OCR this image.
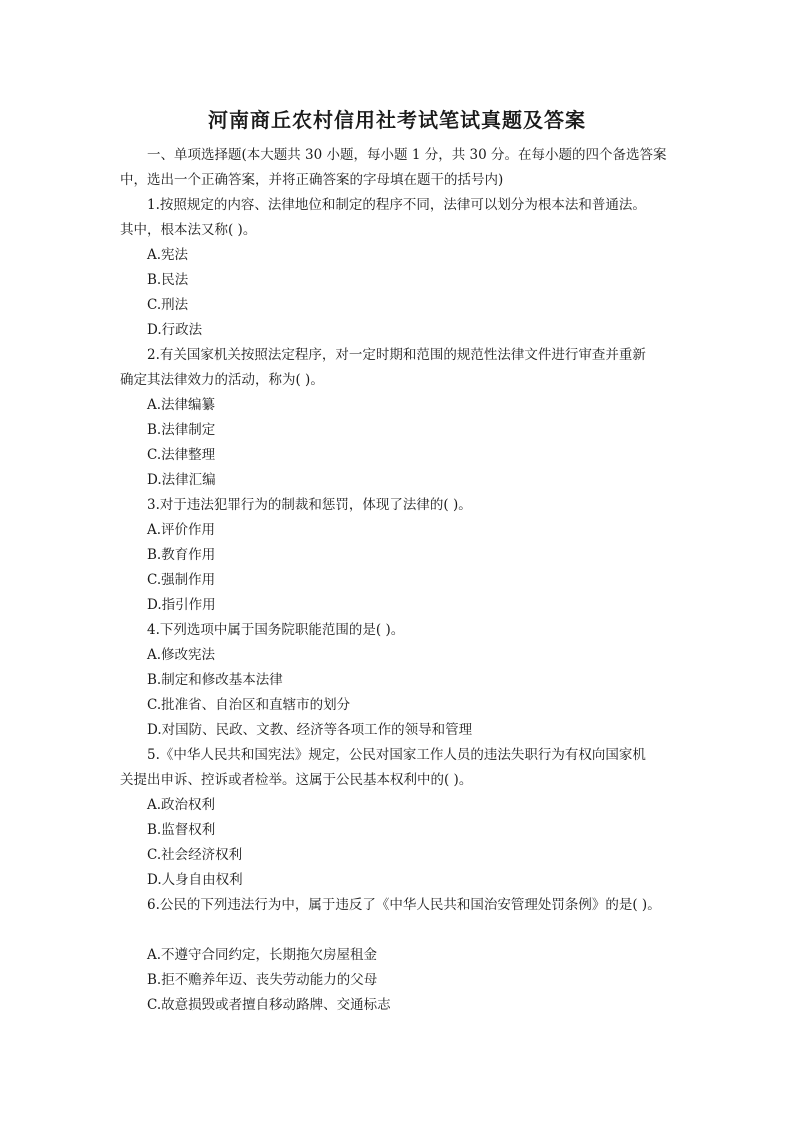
河南商丘农村信用社考试笔试真题及答案
一、单项选择题(本大题共 30 小题，每小题 1 分，共 30 分。在每小题的四个备选答案
中，选出一个正确答案，并将正确答案的字母填在题干的括号内)
1.按照规定的内容、法律地位和制定的程序不同，法律可以划分为根本法和普通法。
其中，根本法又称( )。
A.宪法
B.民法
C.刑法
D.行政法
2.有关国家机关按照法定程序，对一定时期和范围的规范性法律文件进行审查并重新
确定其法律效力的活动，称为( )。
A.法律编纂
B.法律制定
C.法律整理
D.法律汇编
3.对于违法犯罪行为的制裁和惩罚，体现了法律的( )。
A.评价作用
B.教育作用
C.强制作用
D.指引作用
4.下列选项中属于国务院职能范围的是( )。
A.修改宪法
B.制定和修改基本法律
C.批准省、自治区和直辖市的划分
D.对国防、民政、文教、经济等各项工作的领导和管理
5.《中华人民共和国宪法》规定，公民对国家工作人员的违法失职行为有权向国家机
关提出申诉、控诉或者检举。这属于公民基本权利中的( )。
A.政治权利
B.监督权利
C.社会经济权利
D.人身自由权利
6.公民的下列违法行为中，属于违反了《中华人民共和国治安管理处罚条例》的是( )。
A.不遵守合同约定，长期拖欠房屋租金
B.拒不赡养年迈、丧失劳动能力的父母
C.故意损毁或者擅自移动路牌、交通标志
